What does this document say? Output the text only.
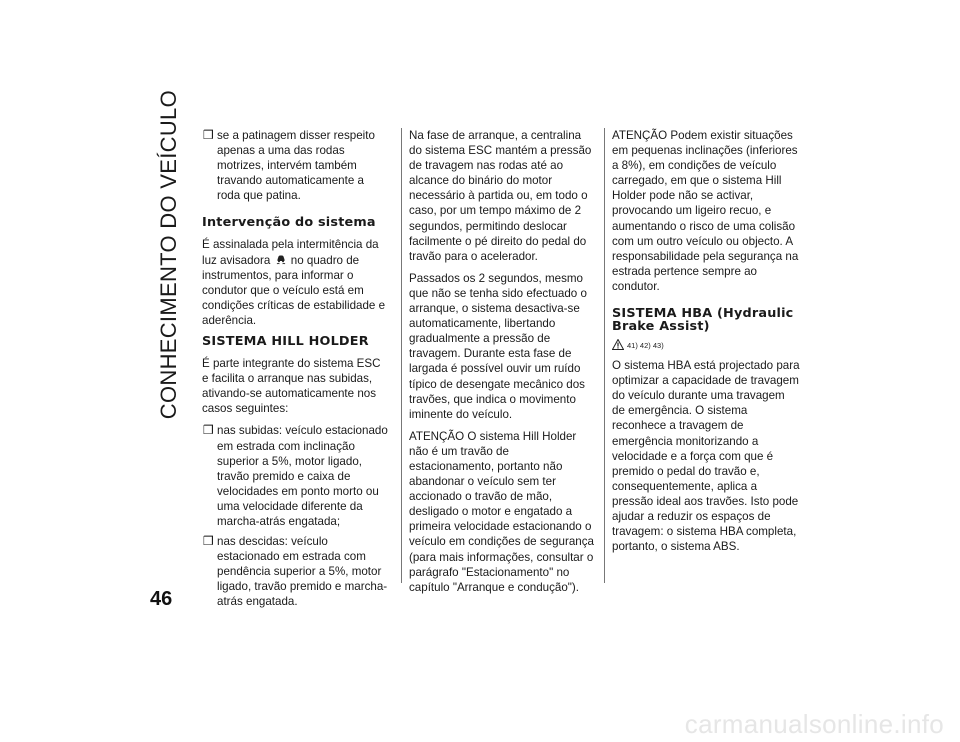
CONHECIMENTO DO VEÍCULO
46
❒ se a patinagem disser respeito apenas a uma das rodas motrizes, intervém também travando automaticamente a roda que patina.
Intervenção do sistema

É assinalada pela intermitência da luz avisadora no quadro de instrumentos, para informar o condutor que o veículo está em condições críticas de estabilidade e aderência.

SISTEMA HILL HOLDER

É parte integrante do sistema ESC e facilita o arranque nas subidas, ativando-se automaticamente nos casos seguintes:

❒ nas subidas: veículo estacionado em estrada com inclinação superior a 5%, motor ligado, travão premido e caixa de velocidades em ponto morto ou uma velocidade diferente da marcha-atrás engatada;
❒ nas descidas: veículo estacionado em estrada com pendência superior a 5%, motor ligado, travão premido e marcha-atrás engatada.

Na fase de arranque, a centralina do sistema ESC mantém a pressão de travagem nas rodas até ao alcance do binário do motor necessário à partida ou, em todo o caso, por um tempo máximo de 2 segundos, permitindo deslocar facilmente o pé direito do pedal do travão para o acelerador.

Passados os 2 segundos, mesmo que não se tenha sido efectuado o arranque, o sistema desactiva-se automaticamente, libertando gradualmente a pressão de travagem. Durante esta fase de largada é possível ouvir um ruído típico de desengate mecânico dos travões, que indica o movimento iminente do veículo.

ATENÇÃO O sistema Hill Holder não é um travão de estacionamento, portanto não abandonar o veículo sem ter accionado o travão de mão, desligado o motor e engatado a primeira velocidade estacionando o veículo em condições de segurança (para mais informações, consultar o parágrafo "Estacionamento" no capítulo "Arranque e condução").

ATENÇÃO Podem existir situações em pequenas inclinações (inferiores a 8%), em condições de veículo carregado, em que o sistema Hill Holder pode não se activar, provocando um ligeiro recuo, e aumentando o risco de uma colisão com um outro veículo ou objecto. A responsabilidade pela segurança na estrada pertence sempre ao condutor.

SISTEMA HBA (Hydraulic Brake Assist)
41) 42) 43)

O sistema HBA está projectado para optimizar a capacidade de travagem do veículo durante uma travagem de emergência. O sistema reconhece a travagem de emergência monitorizando a velocidade e a força com que é premido o pedal do travão e, consequentemente, aplica a pressão ideal aos travões. Isto pode ajudar a reduzir os espaços de travagem: o sistema HBA completa, portanto, o sistema ABS.

carmanualsonline.info
